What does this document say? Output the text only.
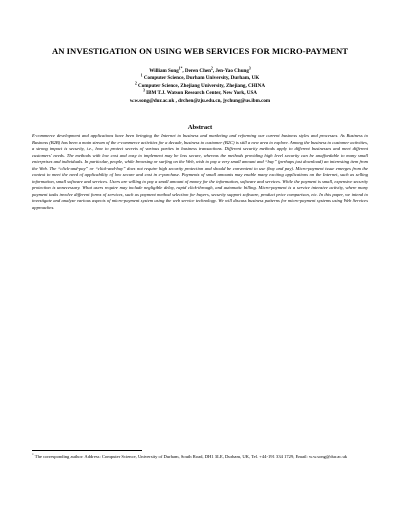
AN INVESTIGATION ON USING WEB SERVICES FOR MICRO-PAYMENT
William Song$^{1*}$, Deren Chen$^2$, Jen-Yao Chung$^3$
$^1$ Computer Science, Durham University, Durham, UK
$^2$ Computer Science, Zhejiang University, Zhejiang, CHINA
$^3$ IBM T.J. Watson Research Center, New York, USA
w.w.song@dur.ac.uk , drchen@zju.edu.cn, jychung@us.ibm.com
Abstract

E-commerce development and applications have been bringing the Internet to business and marketing and reforming our current business styles and processes. As Business to Business (B2B) has been a main stream of the e-commerce activities for a decade, business to customer (B2C) is still a new area to explore. Among the business to customer activities, a strong impact is security, i.e., how to protect secrets of various parties in business transactions. Different security methods apply to different businesses and meet different customers' needs. The methods with low cost and easy to implement may be less secure, whereas the methods providing high level security can be unaffordable to many small enterprises and individuals. In particular, people, while browsing or surfing on the Web, wish to pay a very small amount and “buy” (perhaps just download) an interesting item from the Web. The “click-and-pay” or “click-and-buy” does not require high security protection and should be convenient to use (buy and pay). Micro-payment issue emerges from the context to meet the need of applicability of low secure and cost in e-purchase. Payments of small amounts may enable many exciting applications on the Internet, such as selling information, small software and services. Users are willing to pay a small amount of money for the information, software and services. While the payment is small, expensive security protection is unnecessary. What users require may include negligible delay, rapid click-through, and automatic billing. Micro-payment is a service intensive activity, where many payment tasks involve different forms of services, such as payment method selection for buyers, security support software, product price comparison, etc. In this paper, we intend to investigate and analyze various aspects of micro-payment system using the web service technology. We will discuss business patterns for micro-payment systems using Web Services approaches.

* The corresponding author: Address: Computer Science, University of Durham, South Road, DH1 3LE, Durham, UK, Tel. +44-191 334 1729, Email: w.w.song@dur.ac.uk
